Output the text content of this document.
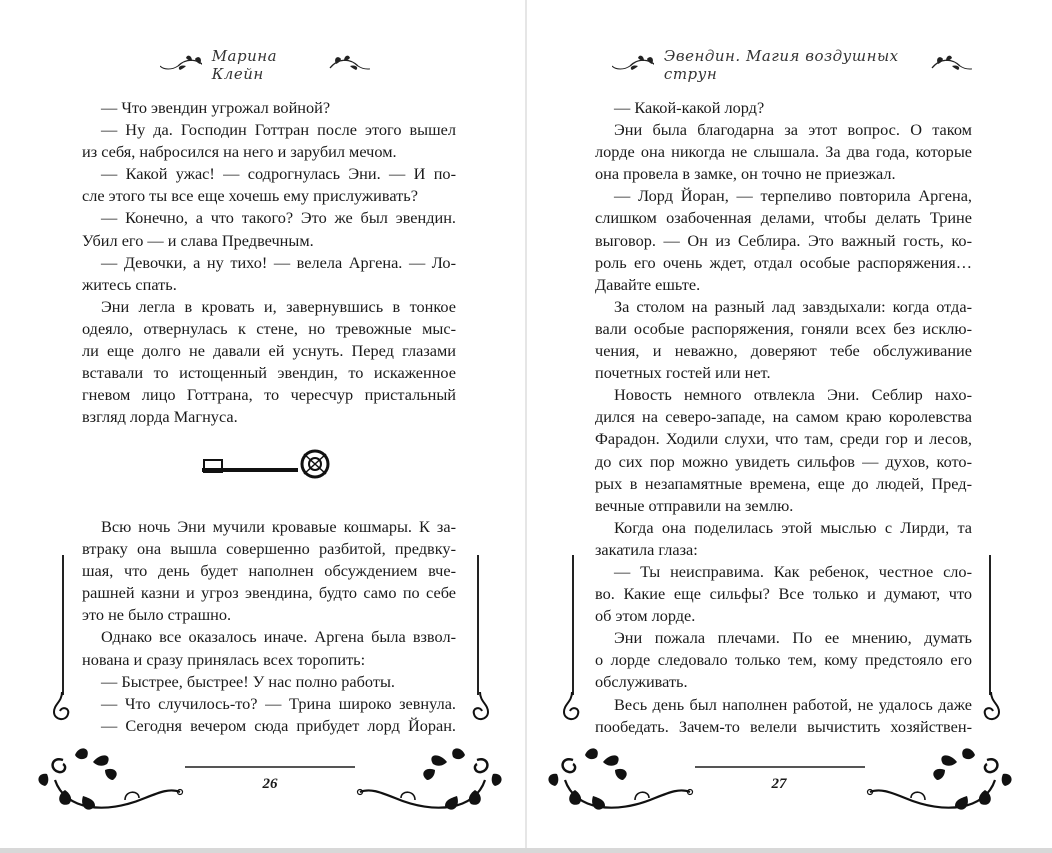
Марина Клейн
— Что эвендин угрожал войной?
— Ну да. Господин Готтран после этого вышел
из себя, набросился на него и зарубил мечом.
— Какой ужас! — содрогнулась Эни. — И по-
сле этого ты все еще хочешь ему прислуживать?
— Конечно, а что такого? Это же был эвендин.
Убил его — и слава Предвечным.
— Девочки, а ну тихо! — велела Аргена. — Ло-
житесь спать.
Эни легла в кровать и, завернувшись в тонкое
одеяло, отвернулась к стене, но тревожные мыс-
ли еще долго не давали ей уснуть. Перед глазами
вставали то истощенный эвендин, то искаженное
гневом лицо Готтрана, то чересчур пристальный
взгляд лорда Магнуса.
Всю ночь Эни мучили кровавые кошмары. К за-
втраку она вышла совершенно разбитой, предвку-
шая, что день будет наполнен обсуждением вче-
рашней казни и угроз эвендина, будто само по себе
это не было страшно.
Однако все оказалось иначе. Аргена была взвол-
нована и сразу принялась всех торопить:
— Быстрее, быстрее! У нас полно работы.
— Что случилось-то? — Трина широко зевнула.
— Сегодня вечером сюда прибудет лорд Йоран.
26
Эвендин. Магия воздушных струн
— Какой-какой лорд?
Эни была благодарна за этот вопрос. О таком
лорде она никогда не слышала. За два года, которые
она провела в замке, он точно не приезжал.
— Лорд Йоран, — терпеливо повторила Аргена,
слишком озабоченная делами, чтобы делать Трине
выговор. — Он из Себлира. Это важный гость, ко-
роль его очень ждет, отдал особые распоряжения…
Давайте ешьте.
За столом на разный лад завздыхали: когда отда-
вали особые распоряжения, гоняли всех без исклю-
чения, и неважно, доверяют тебе обслуживание
почетных гостей или нет.
Новость немного отвлекла Эни. Себлир нахо-
дился на северо-западе, на самом краю королевства
Фарадон. Ходили слухи, что там, среди гор и лесов,
до сих пор можно увидеть сильфов — духов, кото-
рых в незапамятные времена, еще до людей, Пред-
вечные отправили на землю.
Когда она поделилась этой мыслью с Лирди, та
закатила глаза:
— Ты неисправима. Как ребенок, честное сло-
во. Какие еще сильфы? Все только и думают, что
об этом лорде.
Эни пожала плечами. По ее мнению, думать
о лорде следовало только тем, кому предстояло его
обслуживать.
Весь день был наполнен работой, не удалось даже
пообедать. Зачем-то велели вычистить хозяйствен-
27
